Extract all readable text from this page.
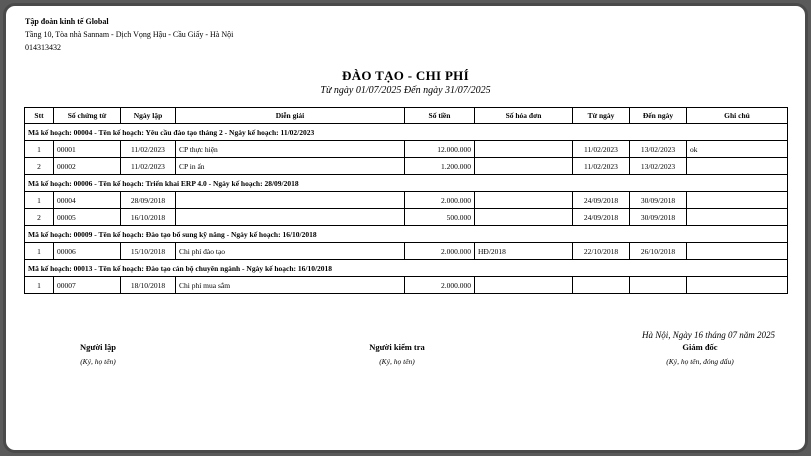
Tập đoàn kinh tế Global
Tầng 10, Tòa nhà Sannam - Dịch Vọng Hậu - Cầu Giấy - Hà Nội
014313432
ĐÀO TẠO - CHI PHÍ
Từ ngày 01/07/2025 Đến ngày 31/07/2025
Stt	Số chứng từ	Ngày lập	Diễn giải	Số tiền	Số hóa đơn	Từ ngày	Đến ngày	Ghi chú
Mã kế hoạch: 00004 - Tên kế hoạch: Yêu cầu đào tạo tháng 2 - Ngày kế hoạch: 11/02/2023								
1	00001	11/02/2023	CP thực hiện	12.000.000		11/02/2023	13/02/2023	ok
2	00002	11/02/2023	CP in ấn	1.200.000		11/02/2023	13/02/2023	
Mã kế hoạch: 00006 - Tên kế hoạch: Triển khai ERP 4.0 - Ngày kế hoạch: 28/09/2018								
1	00004	28/09/2018		2.000.000		24/09/2018	30/09/2018	
2	00005	16/10/2018		500.000		24/09/2018	30/09/2018	
Mã kế hoạch: 00009 - Tên kế hoạch: Đào tạo bổ sung kỹ năng - Ngày kế hoạch: 16/10/2018								
1	00006	15/10/2018	Chi phí đào tạo	2.000.000	HĐ/2018	22/10/2018	26/10/2018	
Mã kế hoạch: 00013 - Tên kế hoạch: Đào tạo cán bộ chuyên ngành - Ngày kế hoạch: 16/10/2018								
1	00007	18/10/2018	Chi phí mua sắm	2.000.000				
Hà Nội, Ngày 16 tháng 07 năm 2025
Người lập
(Ký, họ tên)
Người kiểm tra
(Ký, họ tên)
Giám đốc
(Ký, họ tên, đóng dấu)
